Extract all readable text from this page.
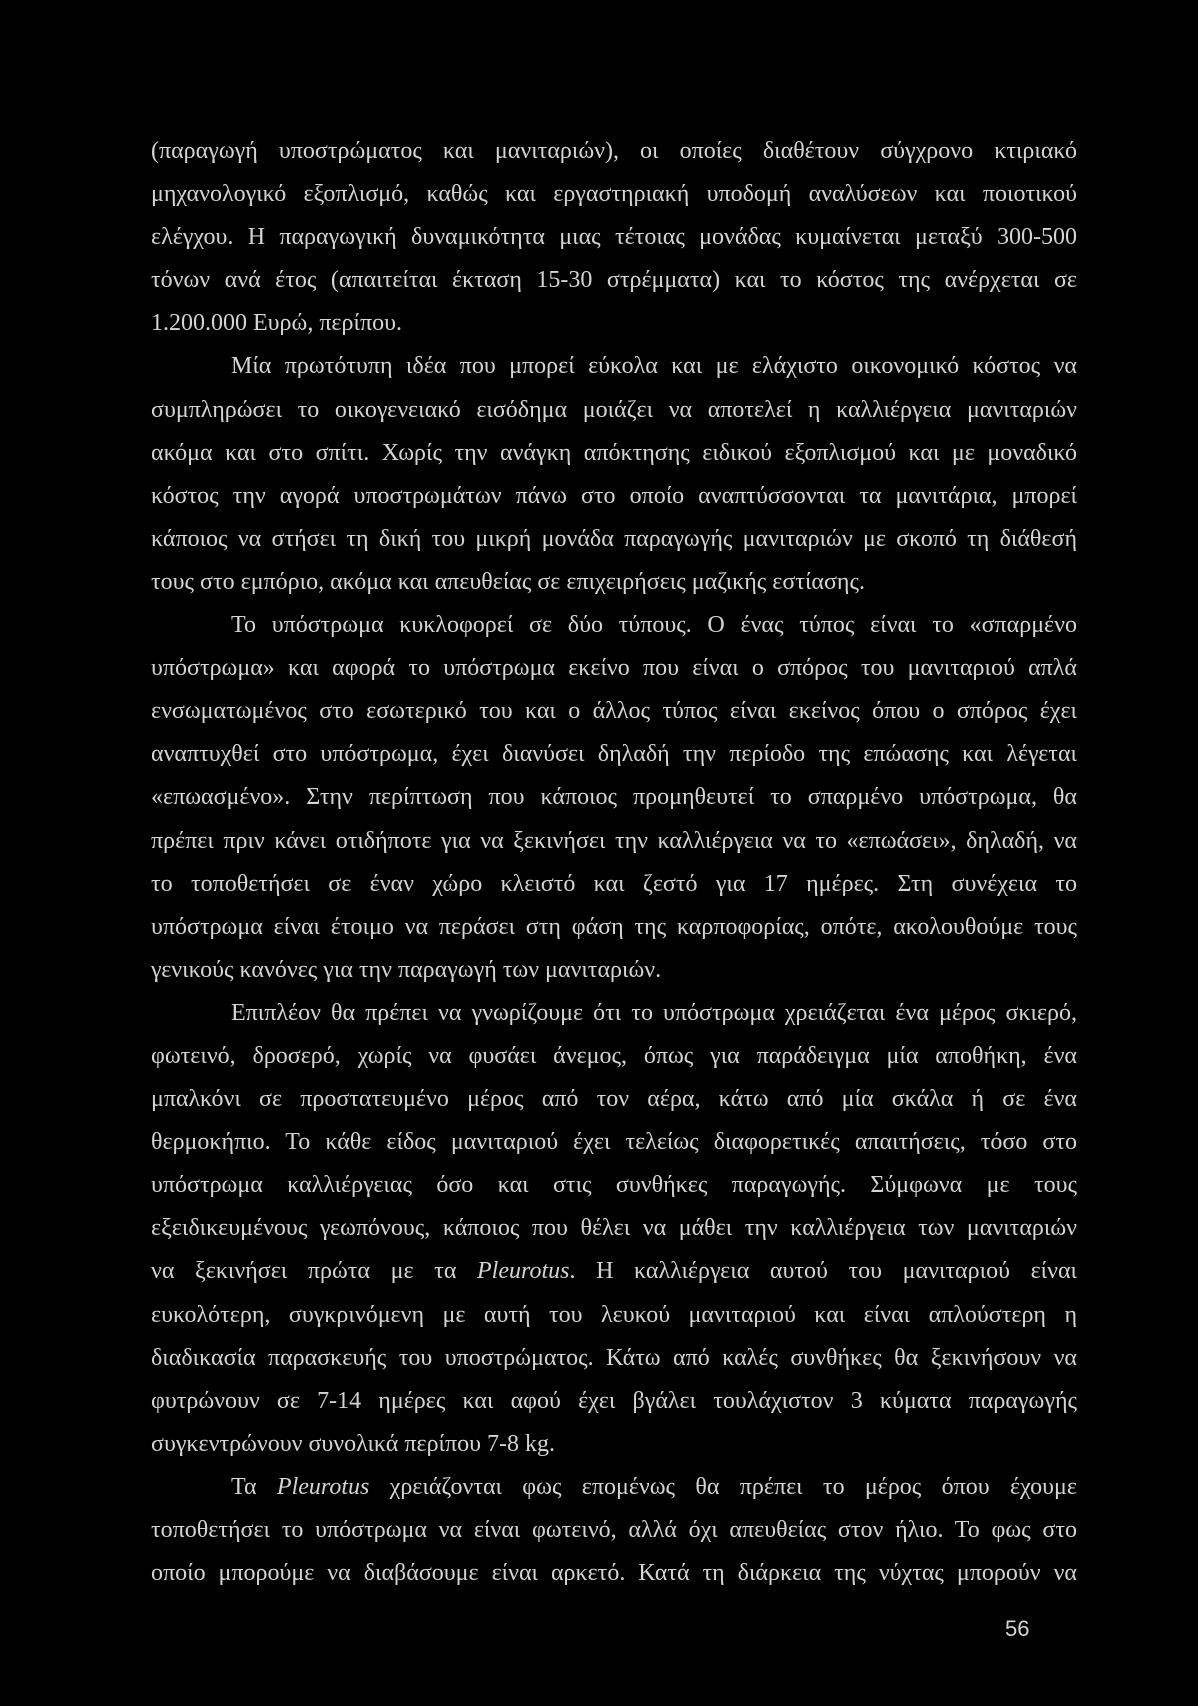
(παραγωγή υποστρώματος και μανιταριών), οι οποίες διαθέτουν σύγχρονο κτιριακό
μηχανολογικό εξοπλισμό, καθώς και εργαστηριακή υποδομή αναλύσεων και ποιοτικού
ελέγχου. Η παραγωγική δυναμικότητα μιας τέτοιας μονάδας κυμαίνεται μεταξύ 300-500
τόνων ανά έτος (απαιτείται έκταση 15-30 στρέμματα) και το κόστος της ανέρχεται σε
1.200.000 Ευρώ, περίπου.
Μία πρωτότυπη ιδέα που μπορεί εύκολα και με ελάχιστο οικονομικό κόστος να
συμπληρώσει το οικογενειακό εισόδημα μοιάζει να αποτελεί η καλλιέργεια μανιταριών
ακόμα και στο σπίτι. Χωρίς την ανάγκη απόκτησης ειδικού εξοπλισμού και με μοναδικό
κόστος την αγορά υποστρωμάτων πάνω στο οποίο αναπτύσσονται τα μανιτάρια, μπορεί
κάποιος να στήσει τη δική του μικρή μονάδα παραγωγής μανιταριών με σκοπό τη διάθεσή
τους στο εμπόριο, ακόμα και απευθείας σε επιχειρήσεις μαζικής εστίασης.
Το υπόστρωμα κυκλοφορεί σε δύο τύπους. Ο ένας τύπος είναι το «σπαρμένο
υπόστρωμα» και αφορά το υπόστρωμα εκείνο που είναι ο σπόρος του μανιταριού απλά
ενσωματωμένος στο εσωτερικό του και ο άλλος τύπος είναι εκείνος όπου ο σπόρος έχει
αναπτυχθεί στο υπόστρωμα, έχει διανύσει δηλαδή την περίοδο της επώασης και λέγεται
«επωασμένο». Στην περίπτωση που κάποιος προμηθευτεί το σπαρμένο υπόστρωμα, θα
πρέπει πριν κάνει οτιδήποτε για να ξεκινήσει την καλλιέργεια να το «επωάσει», δηλαδή, να
το τοποθετήσει σε έναν χώρο κλειστό και ζεστό για 17 ημέρες. Στη συνέχεια το
υπόστρωμα είναι έτοιμο να περάσει στη φάση της καρποφορίας, οπότε, ακολουθούμε τους
γενικούς κανόνες για την παραγωγή των μανιταριών.
Επιπλέον θα πρέπει να γνωρίζουμε ότι το υπόστρωμα χρειάζεται ένα μέρος σκιερό,
φωτεινό, δροσερό, χωρίς να φυσάει άνεμος, όπως για παράδειγμα μία αποθήκη, ένα
μπαλκόνι σε προστατευμένο μέρος από τον αέρα, κάτω από μία σκάλα ή σε ένα
θερμοκήπιο. Το κάθε είδος μανιταριού έχει τελείως διαφορετικές απαιτήσεις, τόσο στο
υπόστρωμα καλλιέργειας όσο και στις συνθήκες παραγωγής. Σύμφωνα με τους
εξειδικευμένους γεωπόνους, κάποιος που θέλει να μάθει την καλλιέργεια των μανιταριών
να ξεκινήσει πρώτα με τα Pleurotus. Η καλλιέργεια αυτού του μανιταριού είναι
ευκολότερη, συγκρινόμενη με αυτή του λευκού μανιταριού και είναι απλούστερη η
διαδικασία παρασκευής του υποστρώματος. Κάτω από καλές συνθήκες θα ξεκινήσουν να
φυτρώνουν σε 7-14 ημέρες και αφού έχει βγάλει τουλάχιστον 3 κύματα παραγωγής
συγκεντρώνουν συνολικά περίπου 7-8 kg.
Τα Pleurotus χρειάζονται φως επομένως θα πρέπει το μέρος όπου έχουμε
τοποθετήσει το υπόστρωμα να είναι φωτεινό, αλλά όχι απευθείας στον ήλιο. Το φως στο
οποίο μπορούμε να διαβάσουμε είναι αρκετό. Κατά τη διάρκεια της νύχτας μπορούν να
56
